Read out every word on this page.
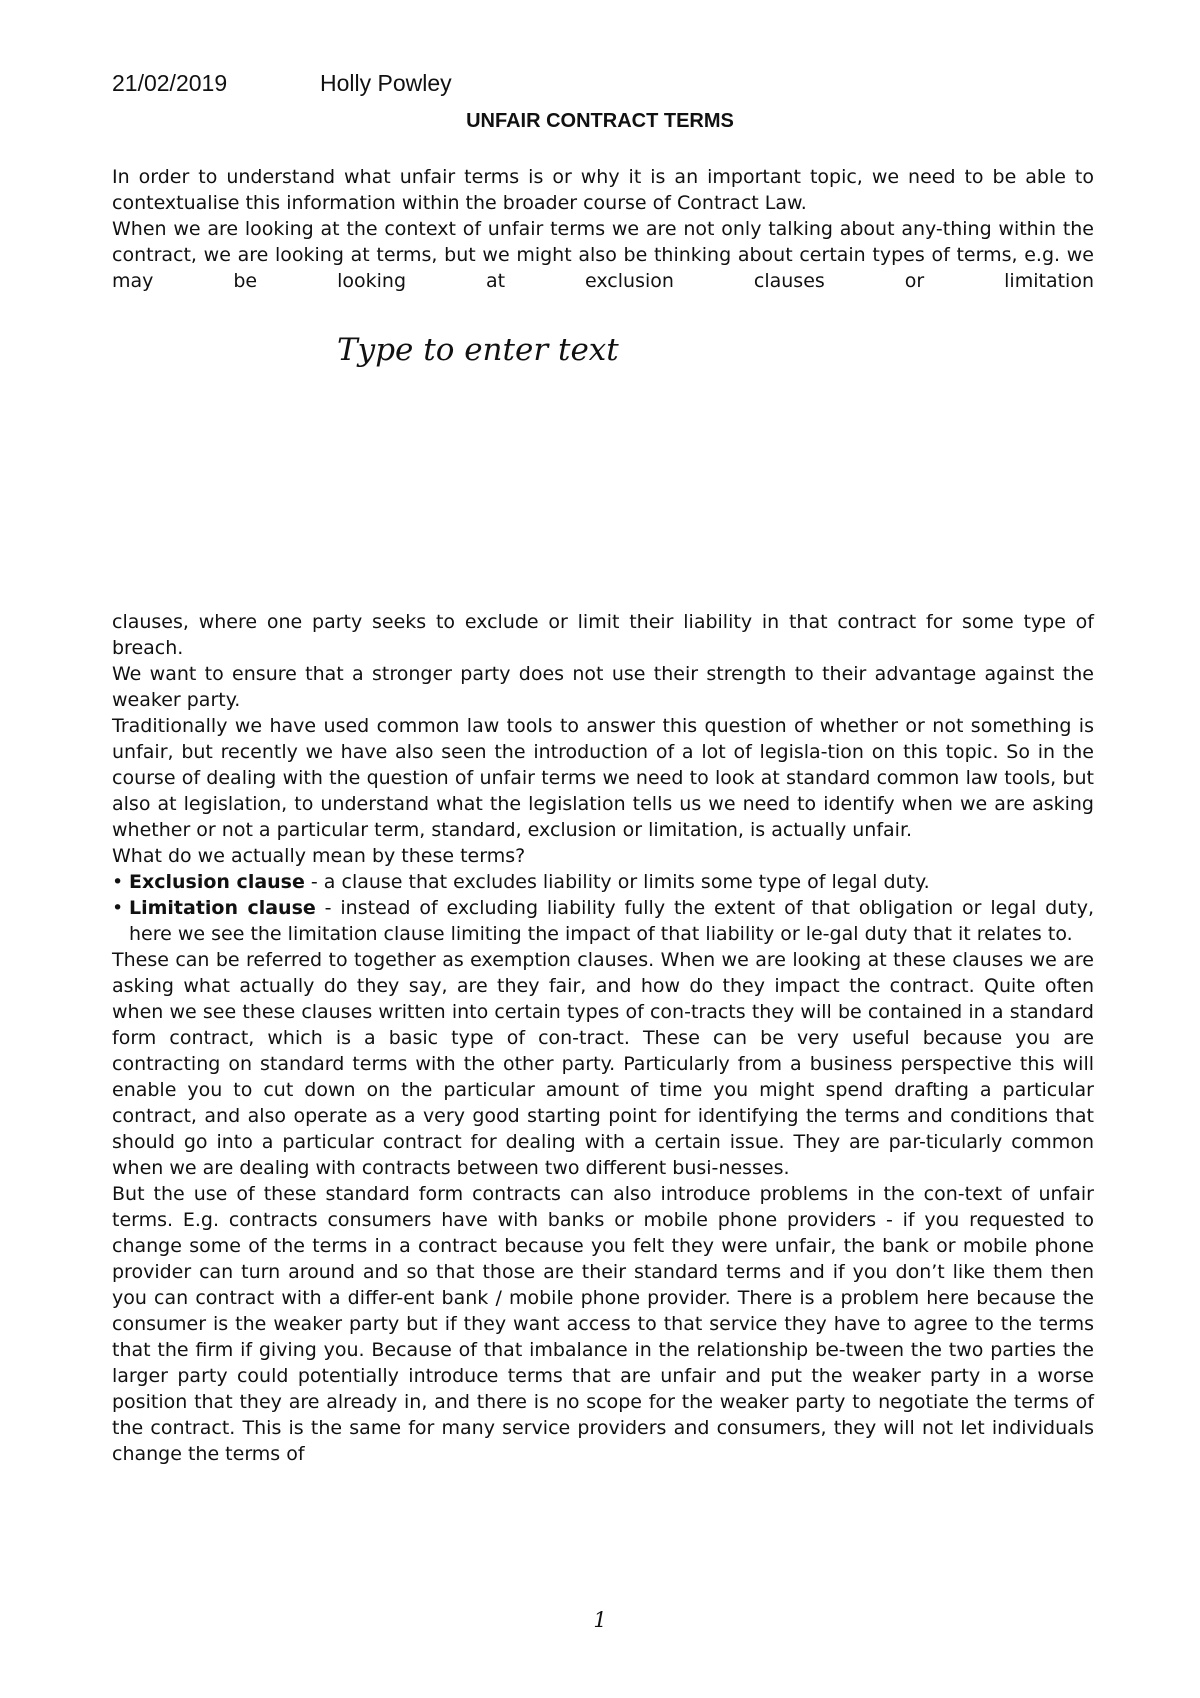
21/02/2019	Holly Powley
UNFAIR CONTRACT TERMS

In order to understand what unfair terms is or why it is an important topic, we need to be able to contextualise this information within the broader course of Contract Law.

When we are looking at the context of unfair terms we are not only talking about any-thing within the contract, we are looking at terms, but we might also be thinking about certain types of terms, e.g. we may be looking at exclusion clauses or limitation

Type to enter text

clauses, where one party seeks to exclude or limit their liability in that contract for some type of breach.

We want to ensure that a stronger party does not use their strength to their advantage against the weaker party.

Traditionally we have used common law tools to answer this question of whether or not something is unfair, but recently we have also seen the introduction of a lot of legisla-tion on this topic. So in the course of dealing with the question of unfair terms we need to look at standard common law tools, but also at legislation, to understand what the legislation tells us we need to identify when we are asking whether or not a particular term, standard, exclusion or limitation, is actually unfair.

What do we actually mean by these terms?

• Exclusion clause - a clause that excludes liability or limits some type of legal duty.
• Limitation clause - instead of excluding liability fully the extent of that obligation or legal duty, here we see the limitation clause limiting the impact of that liability or le-gal duty that it relates to.

These can be referred to together as exemption clauses. When we are looking at these clauses we are asking what actually do they say, are they fair, and how do they impact the contract. Quite often when we see these clauses written into certain types of con-tracts they will be contained in a standard form contract, which is a basic type of con-tract. These can be very useful because you are contracting on standard terms with the other party. Particularly from a business perspective this will enable you to cut down on the particular amount of time you might spend drafting a particular contract, and also operate as a very good starting point for identifying the terms and conditions that should go into a particular contract for dealing with a certain issue. They are par-ticularly common when we are dealing with contracts between two different busi-nesses.

But the use of these standard form contracts can also introduce problems in the con-text of unfair terms. E.g. contracts consumers have with banks or mobile phone providers - if you requested to change some of the terms in a contract because you felt they were unfair, the bank or mobile phone provider can turn around and so that those are their standard terms and if you don’t like them then you can contract with a differ-ent bank / mobile phone provider. There is a problem here because the consumer is the weaker party but if they want access to that service they have to agree to the terms that the firm if giving you. Because of that imbalance in the relationship be-tween the two parties the larger party could potentially introduce terms that are unfair and put the weaker party in a worse position that they are already in, and there is no scope for the weaker party to negotiate the terms of the contract. This is the same for many service providers and consumers, they will not let individuals change the terms of

1
